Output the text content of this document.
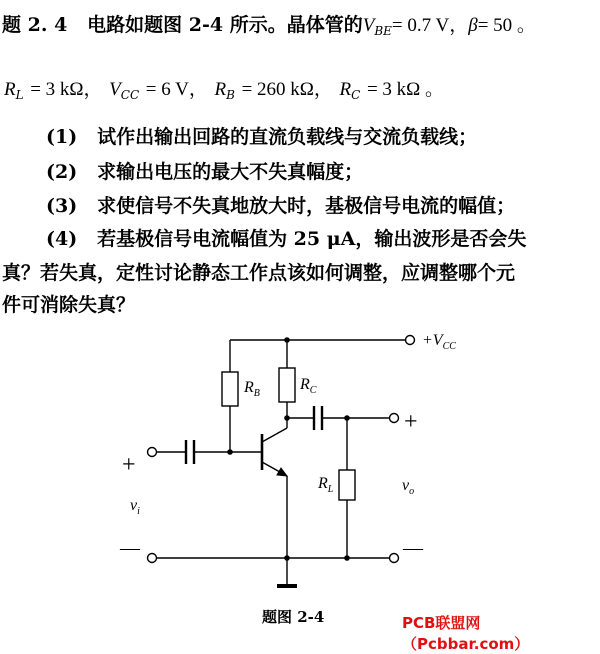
题 2. 4 电路如题图 2-4 所示。晶体管的$V_{BE}= 0.7$ V，β= 50 。
$R_L = 3$ kΩ， $V_{CC} = 6$ V， $R_B = 260$ kΩ， $R_C = 3$ kΩ 。
(1) 试作出输出回路的直流负载线与交流负载线；
(2) 求输出电压的最大不失真幅度；
(3) 求使信号不失真地放大时，基极信号电流的幅值；
(4) 若基极信号电流幅值为 25 μA，输出波形是否会失
真？若失真，定性讨论静态工作点该如何调整，应调整哪个元
件可消除失真？
$+V_{CC}$
$R_B$
$R_C$
$R_L$
$v_i$
$v_o$
+
—
+
—
题图 2-4	PCB联盟网（Pcbbar.com）
